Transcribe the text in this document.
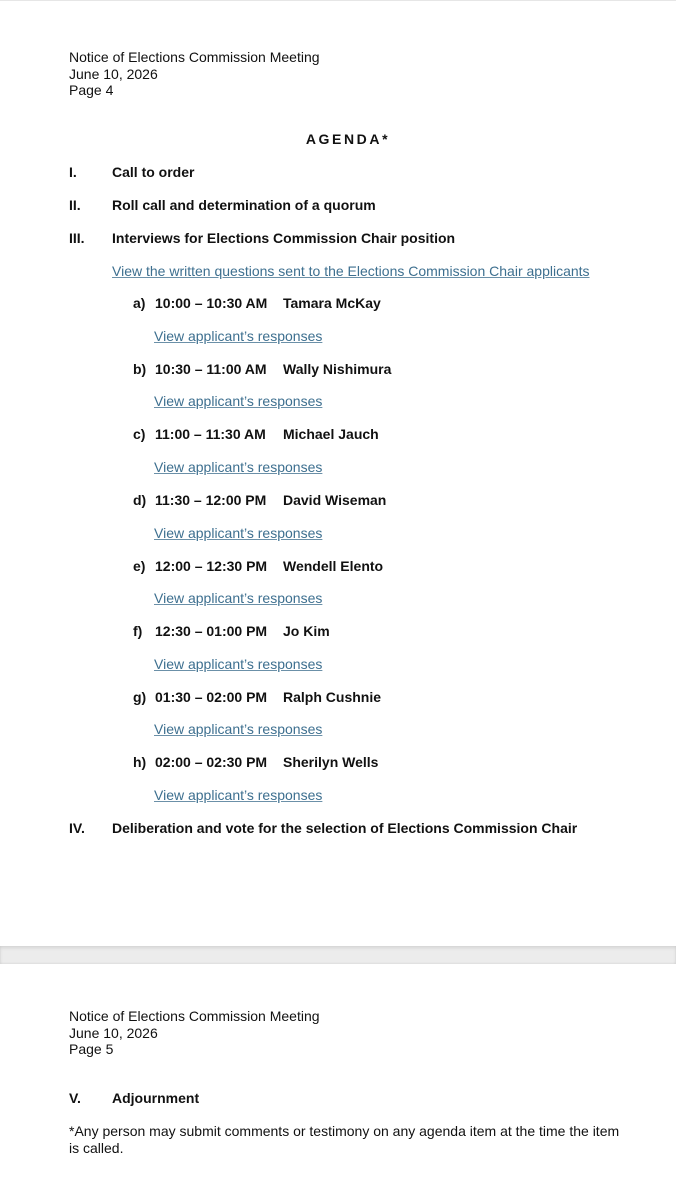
Notice of Elections Commission Meeting
June 10, 2026
Page 4
AGENDA*
I.	Call to order
II. Roll call and determination of a quorum
III. Interviews for Elections Commission Chair position
View the written questions sent to the Elections Commission Chair applicants
a) 10:00 – 10:30 AM Tamara McKay
View applicant’s responses
b) 10:30 – 11:00 AM Wally Nishimura
View applicant’s responses
c) 11:00 – 11:30 AM Michael Jauch
View applicant’s responses
d) 11:30 – 12:00 PM David Wiseman
View applicant’s responses
e) 12:00 – 12:30 PM Wendell Elento
View applicant’s responses
f) 12:30 – 01:00 PM Jo Kim
View applicant’s responses
g) 01:30 – 02:00 PM Ralph Cushnie
View applicant’s responses
h) 02:00 – 02:30 PM Sherilyn Wells
View applicant’s responses
IV. Deliberation and vote for the selection of Elections Commission Chair
Notice of Elections Commission Meeting
June 10, 2026
Page 5
V. Adjournment
*Any person may submit comments or testimony on any agenda item at the time the item is called.
